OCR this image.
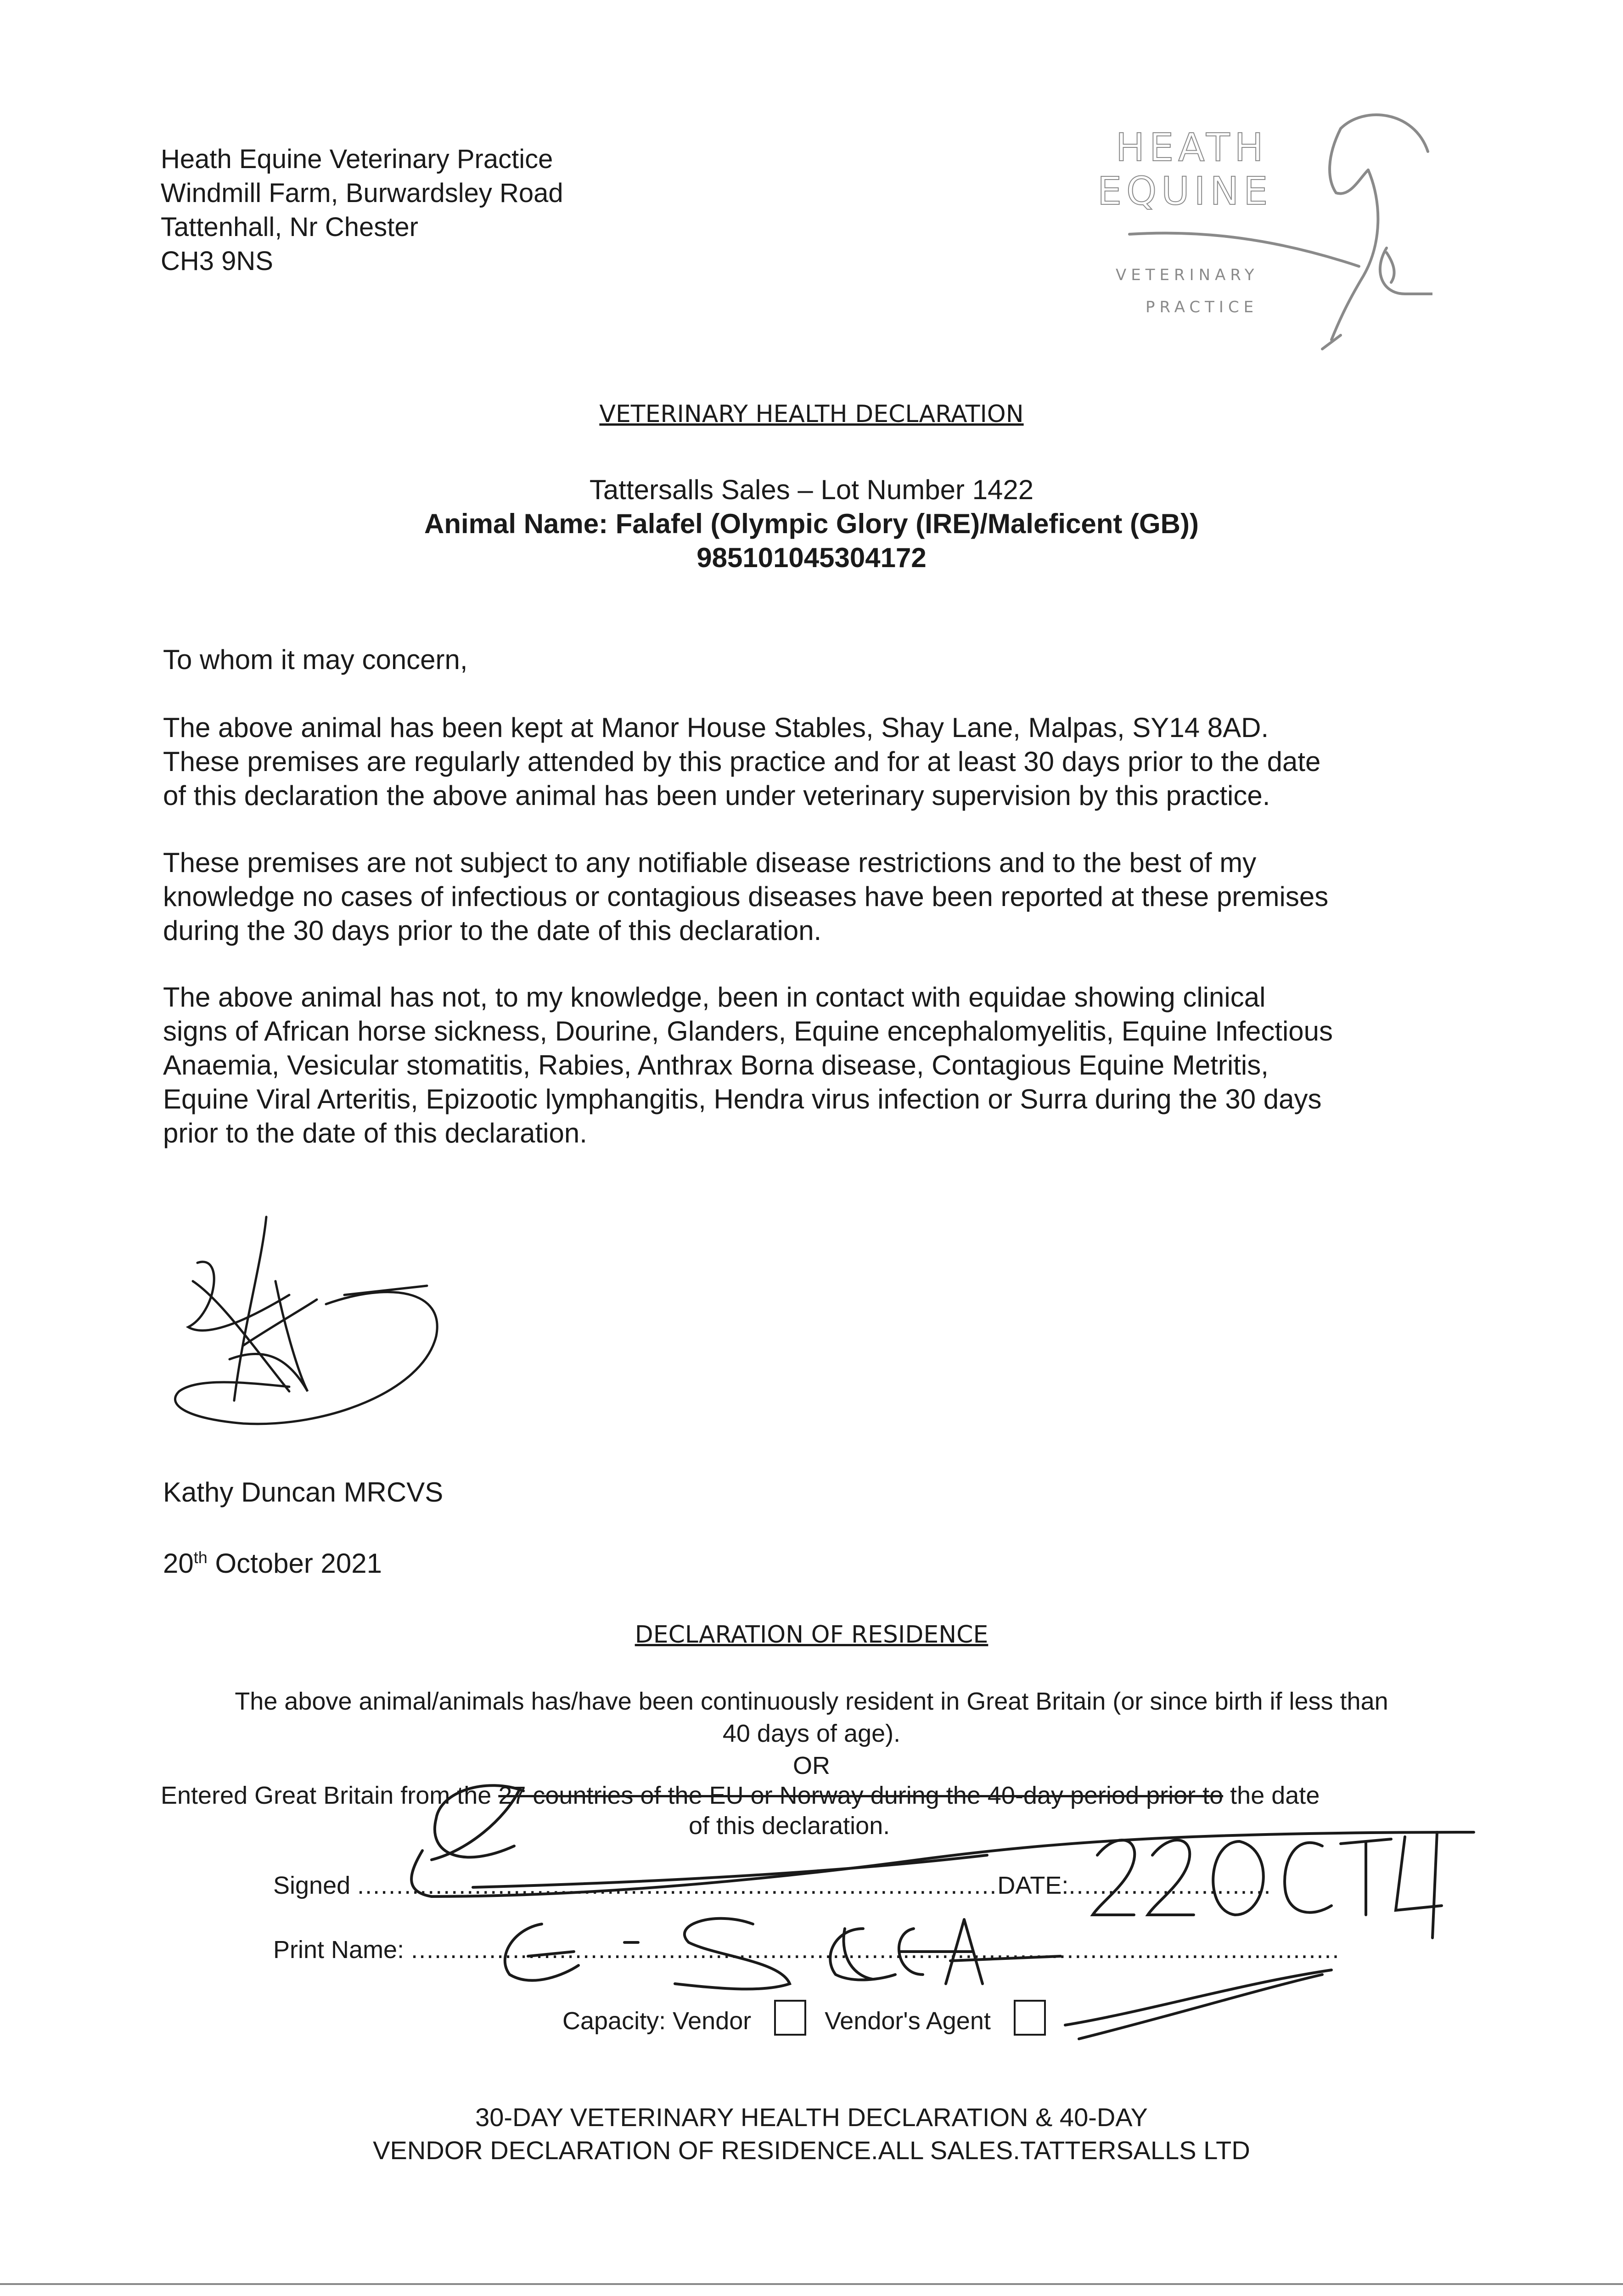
Heath Equine Veterinary Practice
Windmill Farm, Burwardsley Road
Tattenhall, Nr Chester
CH3 9NS
HEATH
EQUINE
VETERINARY
PRACTICE
VETERINARY HEALTH DECLARATION
Tattersalls Sales – Lot Number 1422
Animal Name: Falafel (Olympic Glory (IRE)/Maleficent (GB))
985101045304172
To whom it may concern,

The above animal has been kept at Manor House Stables, Shay Lane, Malpas, SY14 8AD.

These premises are regularly attended by this practice and for at least 30 days prior to the date

of this declaration the above animal has been under veterinary supervision by this practice.

These premises are not subject to any notifiable disease restrictions and to the best of my

knowledge no cases of infectious or contagious diseases have been reported at these premises

during the 30 days prior to the date of this declaration.

The above animal has not, to my knowledge, been in contact with equidae showing clinical

signs of African horse sickness, Dourine, Glanders, Equine encephalomyelitis, Equine Infectious

Anaemia, Vesicular stomatitis, Rabies, Anthrax Borna disease, Contagious Equine Metritis,

Equine Viral Arteritis, Epizootic lymphangitis, Hendra virus infection or Surra during the 30 days

prior to the date of this declaration.

Kathy Duncan MRCVS
20th October 2021
DECLARATION OF RESIDENCE
The above animal/animals has/have been continuously resident in Great Britain (or since birth if less than
40 days of age).
OR
Entered Great Britain from the 27 countries of the EU or Norway during the 40-day period prior to the date
of this declaration.
Signed ..................................................................................DATE:..........................
Print Name: .......................................................................................................................
Capacity: Vendor	Vendor's Agent
30-DAY VETERINARY HEALTH DECLARATION & 40-DAY
VENDOR DECLARATION OF RESIDENCE.ALL SALES.TATTERSALLS LTD
